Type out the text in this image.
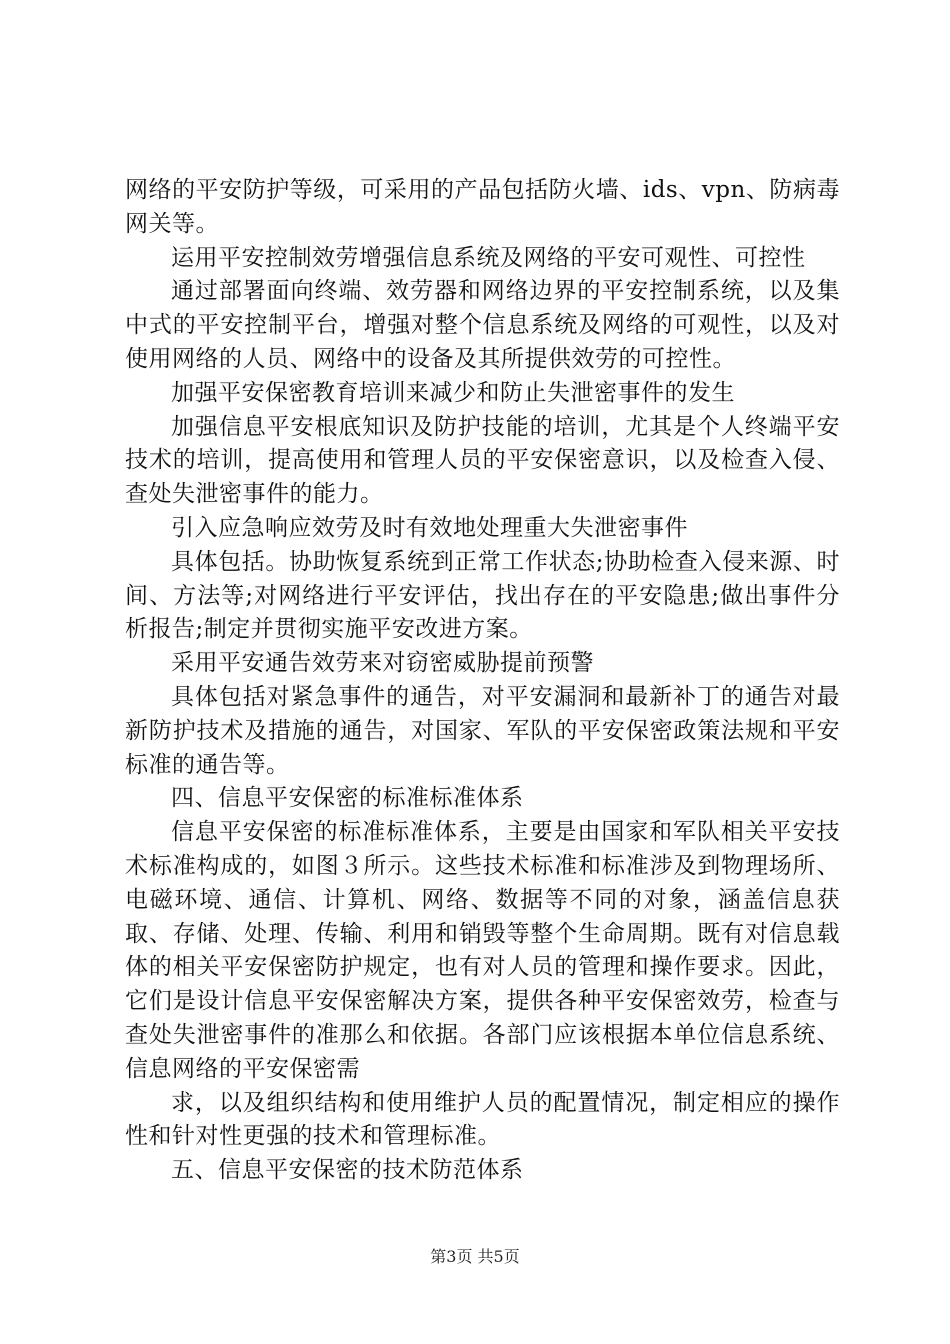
网络的平安防护等级，可采用的产品包括防火墙、ids、vpn、防病毒网关等。

运用平安控制效劳增强信息系统及网络的平安可观性、可控性

通过部署面向终端、效劳器和网络边界的平安控制系统，以及集中式的平安控制平台，增强对整个信息系统及网络的可观性，以及对使用网络的人员、网络中的设备及其所提供效劳的可控性。

加强平安保密教育培训来减少和防止失泄密事件的发生

加强信息平安根底知识及防护技能的培训，尤其是个人终端平安技术的培训，提高使用和管理人员的平安保密意识，以及检查入侵、查处失泄密事件的能力。

引入应急响应效劳及时有效地处理重大失泄密事件

具体包括。协助恢复系统到正常工作状态;协助检查入侵来源、时间、方法等;对网络进行平安评估，找出存在的平安隐患;做出事件分析报告;制定并贯彻实施平安改进方案。

采用平安通告效劳来对窃密威胁提前预警

具体包括对紧急事件的通告，对平安漏洞和最新补丁的通告对最新防护技术及措施的通告，对国家、军队的平安保密政策法规和平安标准的通告等。

四、信息平安保密的标准标准体系

信息平安保密的标准标准体系，主要是由国家和军队相关平安技术标准构成的，如图３所示。这些技术标准和标准涉及到物理场所、电磁环境、通信、计算机、网络、数据等不同的对象，涵盖信息获取、存储、处理、传输、利用和销毁等整个生命周期。既有对信息载体的相关平安保密防护规定，也有对人员的管理和操作要求。因此，它们是设计信息平安保密解决方案，提供各种平安保密效劳，检查与查处失泄密事件的准那么和依据。各部门应该根据本单位信息系统、信息网络的平安保密需

求，以及组织结构和使用维护人员的配置情况，制定相应的操作性和针对性更强的技术和管理标准。

五、信息平安保密的技术防范体系

第3页 共5页
